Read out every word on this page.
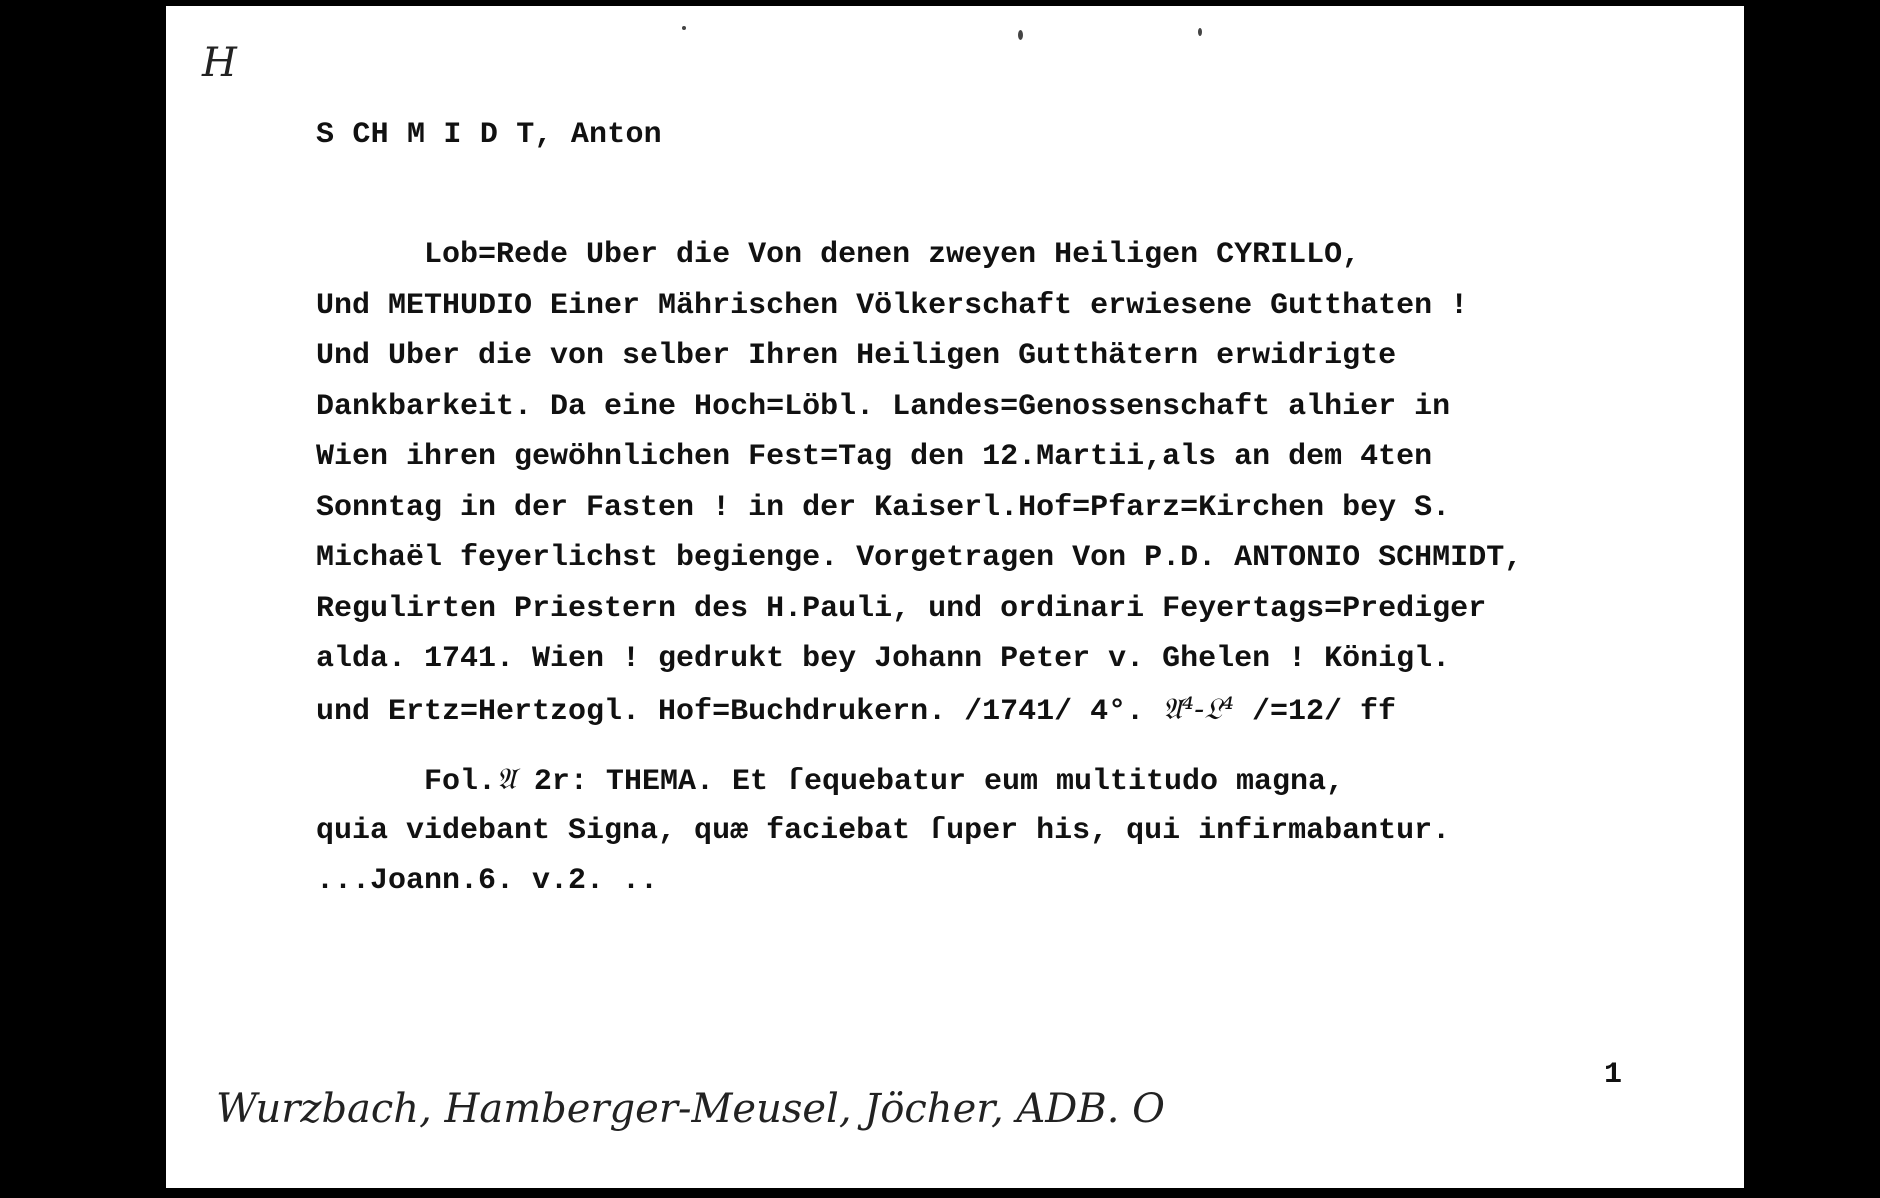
H
S CH M I D T, Anton
Lob=Rede Uber die Von denen zweyen Heiligen CYRILLO,
Und METHUDIO Einer Mährischen Völkerschaft erwiesene Gutthaten !
Und Uber die von selber Ihren Heiligen Gutthätern erwidrigte
Dankbarkeit. Da eine Hoch=Löbl. Landes=Genossenschaft alhier in
Wien ihren gewöhnlichen Fest=Tag den 12.Martii,als an dem 4ten
Sonntag in der Fasten ! in der Kaiserl.Hof=Pfarz=Kirchen bey S.
Michaël feyerlichst begienge. Vorgetragen Von P.D. ANTONIO SCHMIDT,
Regulirten Priestern des H.Pauli, und ordinari Feyertags=Prediger
alda. 1741. Wien ! gedrukt bey Johann Peter v. Ghelen ! Königl.
und Ertz=Hertzogl. Hof=Buchdrukern. /1741/ 4°. 𝔄⁴-𝔏⁴ /=12/ ff
Fol.𝔄 2r: THEMA. Et ſequebatur eum multitudo magna,
quia videbant Signa, quæ faciebat ſuper his, qui infirmabantur.
...Joann.6. v.2. ..
1
Wurzbach, Hamberger-Meusel, Jöcher, ADB. O
